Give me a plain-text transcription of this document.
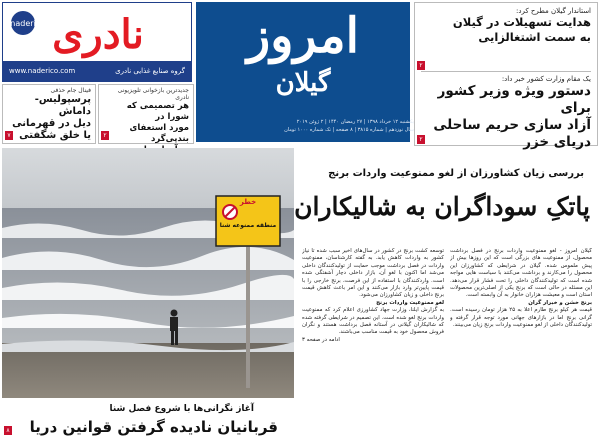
naderi نادری
www.naderico.com	گروه صنایع غذایی نادری
امروز
گیلان
یکشنبه ۱۲ خرداد ۱۳۹۸ | ۲۷ رمضان ۱۴۴۰ | ۲ ژوئن ۲۰۱۹
سال نوزدهم | شماره ۳۸۱۵ | ۸ صفحه | تک شماره ۱۰۰۰ تومان

استاندار گیلان مطرح کرد:

هدایت تسهیلات در گیلان

به سمت اشتغالزایی

۲

یک مقام وزارت کشور خبر داد:

دستور ویژه وزیر کشور برای

آزاد سازی حریم ساحلی دریای خزر

۲

فینال جام حذفی

پرسپولیس- داماش

دیل در قهرمانی

یا خلق شگفتی

۷

جدیدترین بازخوانی تلویزیونی نادری

هر تصمیمی که شورا در

مورد استعفای بندپی‌گرد

۲
خطر
منطقه ممنوعه شنا
آغاز نگرانی‌ها با شروع فصل شنا
قربانیان نادیده گرفتن قوانین دریا
۸
بررسی زیان کشاورزان از لغو ممنوعیت واردات برنج
پاتکِ سوداگران به شالیکاران
گیلان امروز - لغو ممنوعیت واردات برنج در فصل برداشت محصول، از ممنوعیت های بزرگی است که این روزها بیش از پیش ملموس شده. گیلان در شرایطی که کشاورزان این محصول را می‌کارند و برداشت می‌کنند با سیاست هایی مواجه شده است که تولیدکنندگان داخلی را تحت فشار قرار می‌دهد. این مسئله در حالی است که برنج یکی از اصلی‌ترین محصولات استان است و معیشت هزاران خانوار به آن وابسته است.
برنج خشن و خبرار گران
قیمت هر کیلو برنج طارم اعلا به ۲۵ هزار تومان رسیده است. گرانی برنج اما در بازارهای جهانی مورد توجه قرار گرفته و تولیدکنندگان داخلی از لغو ممنوعیت واردات برنج زیان می‌بینند.
توسعه کشت برنج در کشور در سال‌های اخیر سبب شده تا نیاز کشور به واردات کاهش یابد. به گفته کارشناسان، ممنوعیت واردات در فصل برداشت موجب حمایت از تولیدکنندگان داخلی می‌شد اما اکنون با لغو آن، بازار داخلی دچار آشفتگی شده است. واردکنندگان با استفاده از این فرصت، برنج خارجی را با قیمت پایین‌تر وارد بازار می‌کنند و این امر باعث کاهش قیمت برنج داخلی و زیان کشاورزان می‌شود.
لغو ممنوعیت واردات برنج
به گزارش ایلنا، وزارت جهاد کشاورزی اعلام کرد که ممنوعیت واردات برنج لغو شده است. این تصمیم در شرایطی گرفته شده که شالیکاران گیلانی در آستانه فصل برداشت هستند و نگران فروش محصول خود به قیمت مناسب می‌باشند.
ادامه در صفحه ۳
